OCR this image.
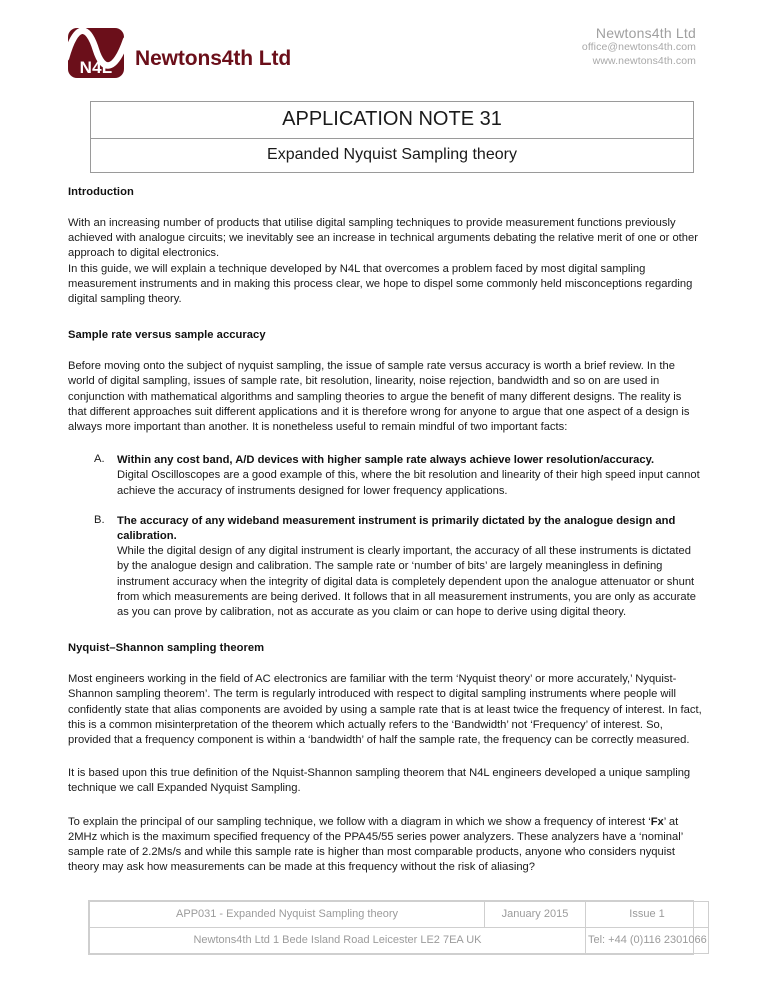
N4L	Newtons4th Ltd
Newtons4th Ltd
office@newtons4th.com
www.newtons4th.com
APPLICATION NOTE 31
Expanded Nyquist Sampling theory
Introduction

With an increasing number of products that utilise digital sampling techniques to provide measurement functions previously achieved with analogue circuits; we inevitably see an increase in technical arguments debating the relative merit of one or other approach to digital electronics.

In this guide, we will explain a technique developed by N4L that overcomes a problem faced by most digital sampling measurement instruments and in making this process clear, we hope to dispel some commonly held misconceptions regarding digital sampling theory.

Sample rate versus sample accuracy

Before moving onto the subject of nyquist sampling, the issue of sample rate versus accuracy is worth a brief review. In the world of digital sampling, issues of sample rate, bit resolution, linearity, noise rejection, bandwidth and so on are used in conjunction with mathematical algorithms and sampling theories to argue the benefit of many different designs. The reality is that different approaches suit different applications and it is therefore wrong for anyone to argue that one aspect of a design is always more important than another. It is nonetheless useful to remain mindful of two important facts:

A. Within any cost band, A/D devices with higher sample rate always achieve lower resolution/accuracy.

Digital Oscilloscopes are a good example of this, where the bit resolution and linearity of their high speed input cannot achieve the accuracy of instruments designed for lower frequency applications.

B. The accuracy of any wideband measurement instrument is primarily dictated by the analogue design and calibration.

While the digital design of any digital instrument is clearly important, the accuracy of all these instruments is dictated by the analogue design and calibration. The sample rate or ‘number of bits’ are largely meaningless in defining instrument accuracy when the integrity of digital data is completely dependent upon the analogue attenuator or shunt from which measurements are being derived. It follows that in all measurement instruments, you are only as accurate as you can prove by calibration, not as accurate as you claim or can hope to derive using digital theory.

Nyquist–Shannon sampling theorem

Most engineers working in the field of AC electronics are familiar with the term ‘Nyquist theory’ or more accurately,’ Nyquist-Shannon sampling theorem’. The term is regularly introduced with respect to digital sampling instruments where people will confidently state that alias components are avoided by using a sample rate that is at least twice the frequency of interest. In fact, this is a common misinterpretation of the theorem which actually refers to the ‘Bandwidth’ not ‘Frequency’ of interest. So, provided that a frequency component is within a ‘bandwidth’ of half the sample rate, the frequency can be correctly measured.

It is based upon this true definition of the Nquist-Shannon sampling theorem that N4L engineers developed a unique sampling technique we call Expanded Nyquist Sampling.

To explain the principal of our sampling technique, we follow with a diagram in which we show a frequency of interest ‘Fx’ at 2MHz which is the maximum specified frequency of the PPA45/55 series power analyzers. These analyzers have a ‘nominal’ sample rate of 2.2Ms/s and while this sample rate is higher than most comparable products, anyone who considers nyquist theory may ask how measurements can be made at this frequency without the risk of aliasing?

APP031 - Expanded Nyquist Sampling theory	January 2015	Issue 1
Newtons4th Ltd 1 Bede Island Road Leicester LE2 7EA UK		Tel: +44 (0)116 2301066
